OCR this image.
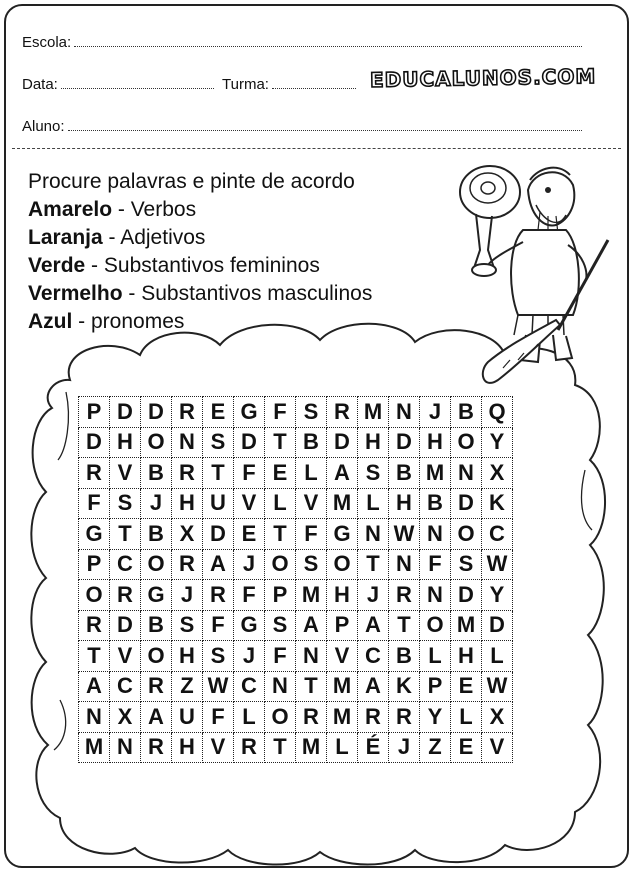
Escola:
Data:	Turma:	EDUCALUNOS.COM
Aluno:
Procure palavras e pinte de acordo
Amarelo - Verbos
Laranja - Adjetivos
Verde - Substantivos femininos
Vermelho - Substantivos masculinos
Azul - pronomes
P	D	D	R	E	G	F	S	R	M	N	J	B	Q
D	H	O	N	S	D	T	B	D	H	D	H	O	Y
R	V	B	R	T	F	E	L	A	S	B	M	N	X
F	S	J	H	U	V	L	V	M	L	H	B	D	K
G	T	B	X	D	E	T	F	G	N	W	N	O	C
P	C	O	R	A	J	O	S	O	T	N	F	S	W
O	R	G	J	R	F	P	M	H	J	R	N	D	Y
R	D	B	S	F	G	S	A	P	A	T	O	M	D
T	V	O	H	S	J	F	N	V	C	B	L	H	L
A	C	R	Z	W	C	N	T	M	A	K	P	E	W
N	X	A	U	F	L	O	R	M	R	R	Y	L	X
M	N	R	H	V	R	T	M	L	É	J	Z	E	V
